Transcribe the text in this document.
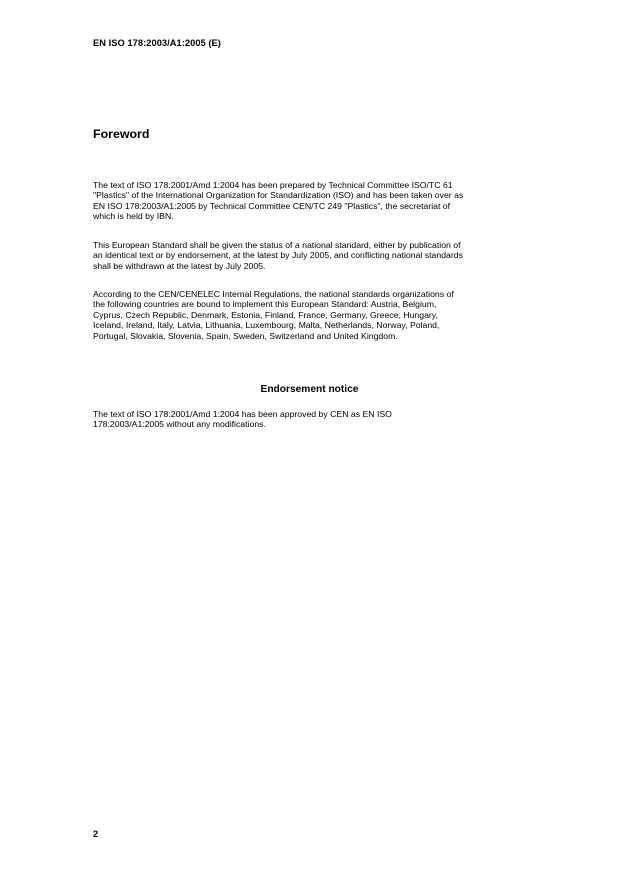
EN ISO 178:2003/A1:2005 (E)
Foreword
The text of ISO 178:2001/Amd 1:2004 has been prepared by Technical Committee ISO/TC 61
"Plastics" of the International Organization for Standardization (ISO) and has been taken over as
EN ISO 178:2003/A1:2005 by Technical Committee CEN/TC 249 "Plastics", the secretariat of
which is held by IBN.
This European Standard shall be given the status of a national standard, either by publication of
an identical text or by endorsement, at the latest by July 2005, and conflicting national standards
shall be withdrawn at the latest by July 2005.
According to the CEN/CENELEC Internal Regulations, the national standards organizations of
the following countries are bound to implement this European Standard: Austria, Belgium,
Cyprus, Czech Republic, Denmark, Estonia, Finland, France, Germany, Greece, Hungary,
Iceland, Ireland, Italy, Latvia, Lithuania, Luxembourg, Malta, Netherlands, Norway, Poland,
Portugal, Slovakia, Slovenia, Spain, Sweden, Switzerland and United Kingdom.
Endorsement notice
The text of ISO 178:2001/Amd 1:2004 has been approved by CEN as EN ISO
178:2003/A1:2005 without any modifications.
2
